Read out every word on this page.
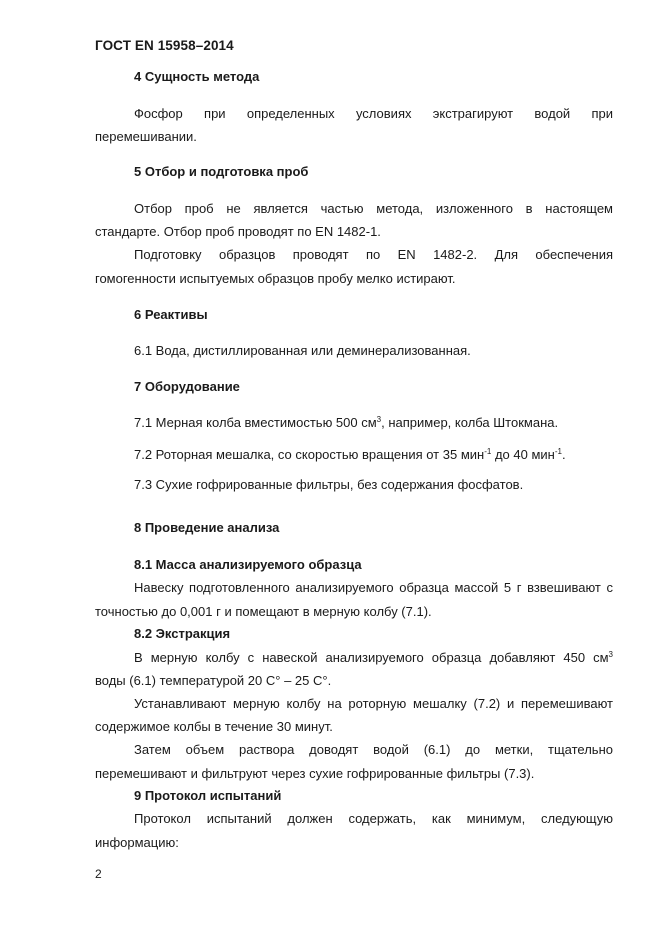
ГОСТ EN 15958–2014
4 Сущность метода
Фосфор при определенных условиях экстрагируют водой при
перемешивании.
5 Отбор и подготовка проб
Отбор проб не является частью метода, изложенного в настоящем
стандарте. Отбор проб проводят по EN 1482-1.
Подготовку образцов проводят по EN 1482-2. Для обеспечения
гомогенности испытуемых образцов пробу мелко истирают.
6 Реактивы
6.1 Вода, дистиллированная или деминерализованная.
7 Оборудование
7.1 Мерная колба вместимостью 500 $см^3$, например, колба Штокмана.
7.2 Роторная мешалка, со скоростью вращения от 35 мин$^{-1}$ до 40 мин$^{-1}$.
7.3 Сухие гофрированные фильтры, без содержания фосфатов.
8 Проведение анализа
8.1 Масса анализируемого образца
Навеску подготовленного анализируемого образца массой 5 г взвешивают с
точностью до 0,001 г и помещают в мерную колбу (7.1).
8.2 Экстракция
В мерную колбу с навеской анализируемого образца добавляют 450 $см^3$
воды (6.1) температурой 20 С° – 25 С°.
Устанавливают мерную колбу на роторную мешалку (7.2) и перемешивают
содержимое колбы в течение 30 минут.
Затем объем раствора доводят водой (6.1) до метки, тщательно
перемешивают и фильтруют через сухие гофрированные фильтры (7.3).
9 Протокол испытаний
Протокол испытаний должен содержать, как минимум, следующую
информацию:
2
